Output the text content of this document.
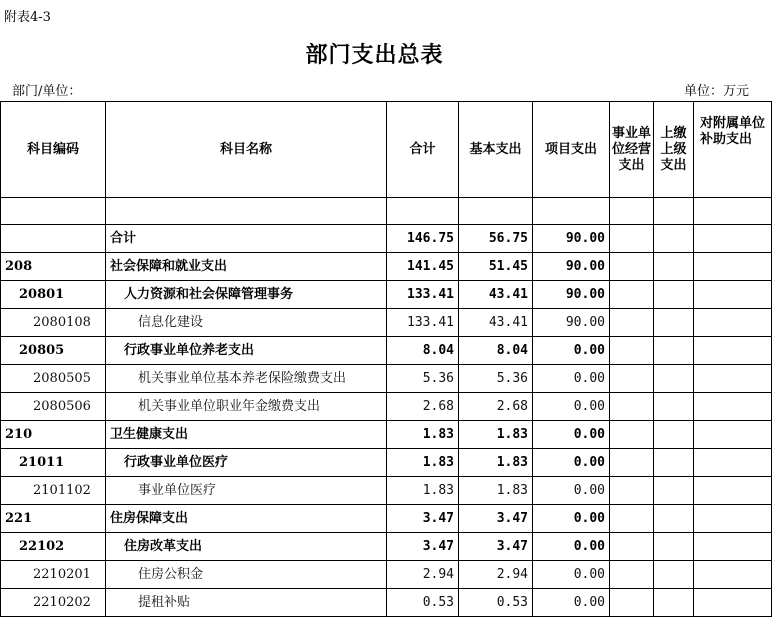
附表4-3
部门支出总表
部门/单位：	单位：万元
科目编码	科目名称	合计	基本支出	项目支出	事业单位经营支出	上缴上级支出	对附属单位补助支出

	合计	146.75	56.75	90.00			
208	社会保障和就业支出	141.45	51.45	90.00			
20801	人力资源和社会保障管理事务	133.41	43.41	90.00			
2080108	信息化建设	133.41	43.41	90.00			
20805	行政事业单位养老支出	8.04	8.04	0.00			
2080505	机关事业单位基本养老保险缴费支出	5.36	5.36	0.00			
2080506	机关事业单位职业年金缴费支出	2.68	2.68	0.00			
210	卫生健康支出	1.83	1.83	0.00			
21011	行政事业单位医疗	1.83	1.83	0.00			
2101102	事业单位医疗	1.83	1.83	0.00			
221	住房保障支出	3.47	3.47	0.00			
22102	住房改革支出	3.47	3.47	0.00			
2210201	住房公积金	2.94	2.94	0.00			
2210202	提租补贴	0.53	0.53	0.00			
